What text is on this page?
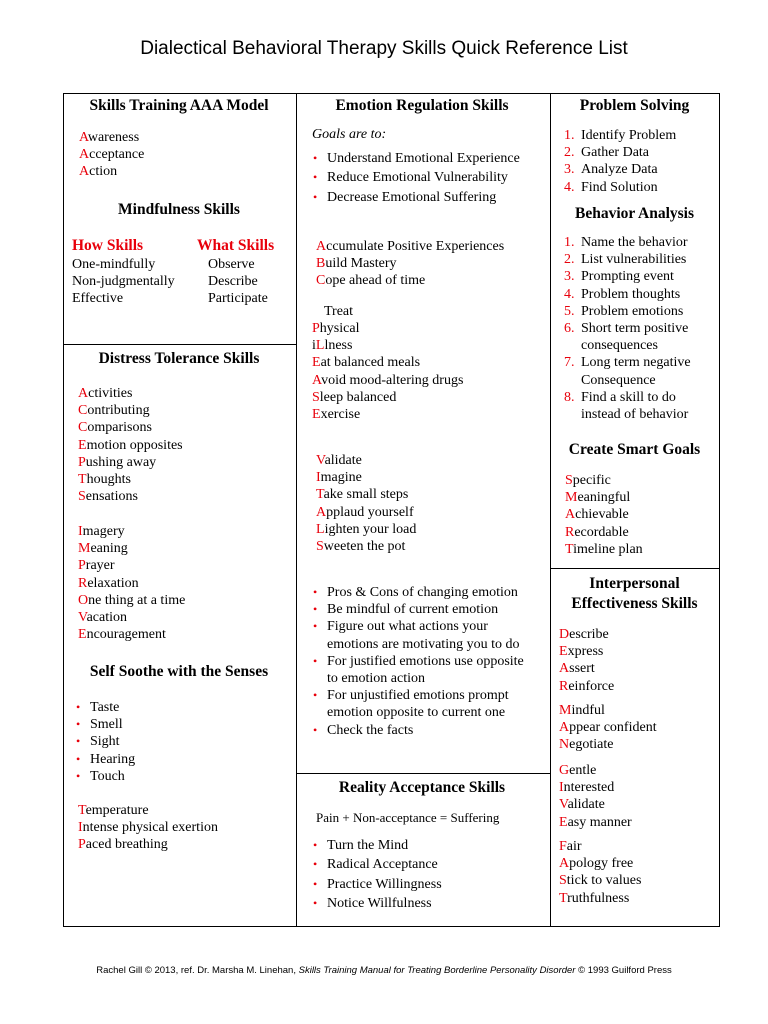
Dialectical Behavioral Therapy Skills Quick Reference List
Skills Training AAA Model
Awareness
Acceptance
Action
Mindfulness Skills
How Skills	What Skills
One-mindfully
Non-judgmentally
Effective
Observe
Describe
Participate
Distress Tolerance Skills
Activities
Contributing
Comparisons
Emotion opposites
Pushing away
Thoughts
Sensations
Imagery
Meaning
Prayer
Relaxation
One thing at a time
Vacation
Encouragement
Self Soothe with the Senses
• Taste
• Smell
• Sight
• Hearing
• Touch
Temperature
Intense physical exertion
Paced breathing
Emotion Regulation Skills
Goals are to:
• Understand Emotional Experience
• Reduce Emotional Vulnerability
• Decrease Emotional Suffering
Accumulate Positive Experiences
Build Mastery
Cope ahead of time
Treat
Physical
iLlness
Eat balanced meals
Avoid mood-altering drugs
Sleep balanced
Exercise
Validate
Imagine
Take small steps
Applaud yourself
Lighten your load
Sweeten the pot
• Pros & Cons of changing emotion
• Be mindful of current emotion
• Figure out what actions your
emotions are motivating you to do
• For justified emotions use opposite
to emotion action
• For unjustified emotions prompt
emotion opposite to current one
• Check the facts
Reality Acceptance Skills
Pain + Non-acceptance = Suffering
• Turn the Mind
• Radical Acceptance
• Practice Willingness
• Notice Willfulness
Problem Solving
1. Identify Problem
2. Gather Data
3. Analyze Data
4. Find Solution
Behavior Analysis
1. Name the behavior
2. List vulnerabilities
3. Prompting event
4. Problem thoughts
5. Problem emotions
6. Short term positive
consequences
7. Long term negative
Consequence
8. Find a skill to do
instead of behavior
Create Smart Goals
Specific
Meaningful
Achievable
Recordable
Timeline plan
Interpersonal
Effectiveness Skills
Describe
Express
Assert
Reinforce
Mindful
Appear confident
Negotiate
Gentle
Interested
Validate
Easy manner
Fair
Apology free
Stick to values
Truthfulness
Rachel Gill © 2013, ref. Dr. Marsha M. Linehan, Skills Training Manual for Treating Borderline Personality Disorder © 1993 Guilford Press
